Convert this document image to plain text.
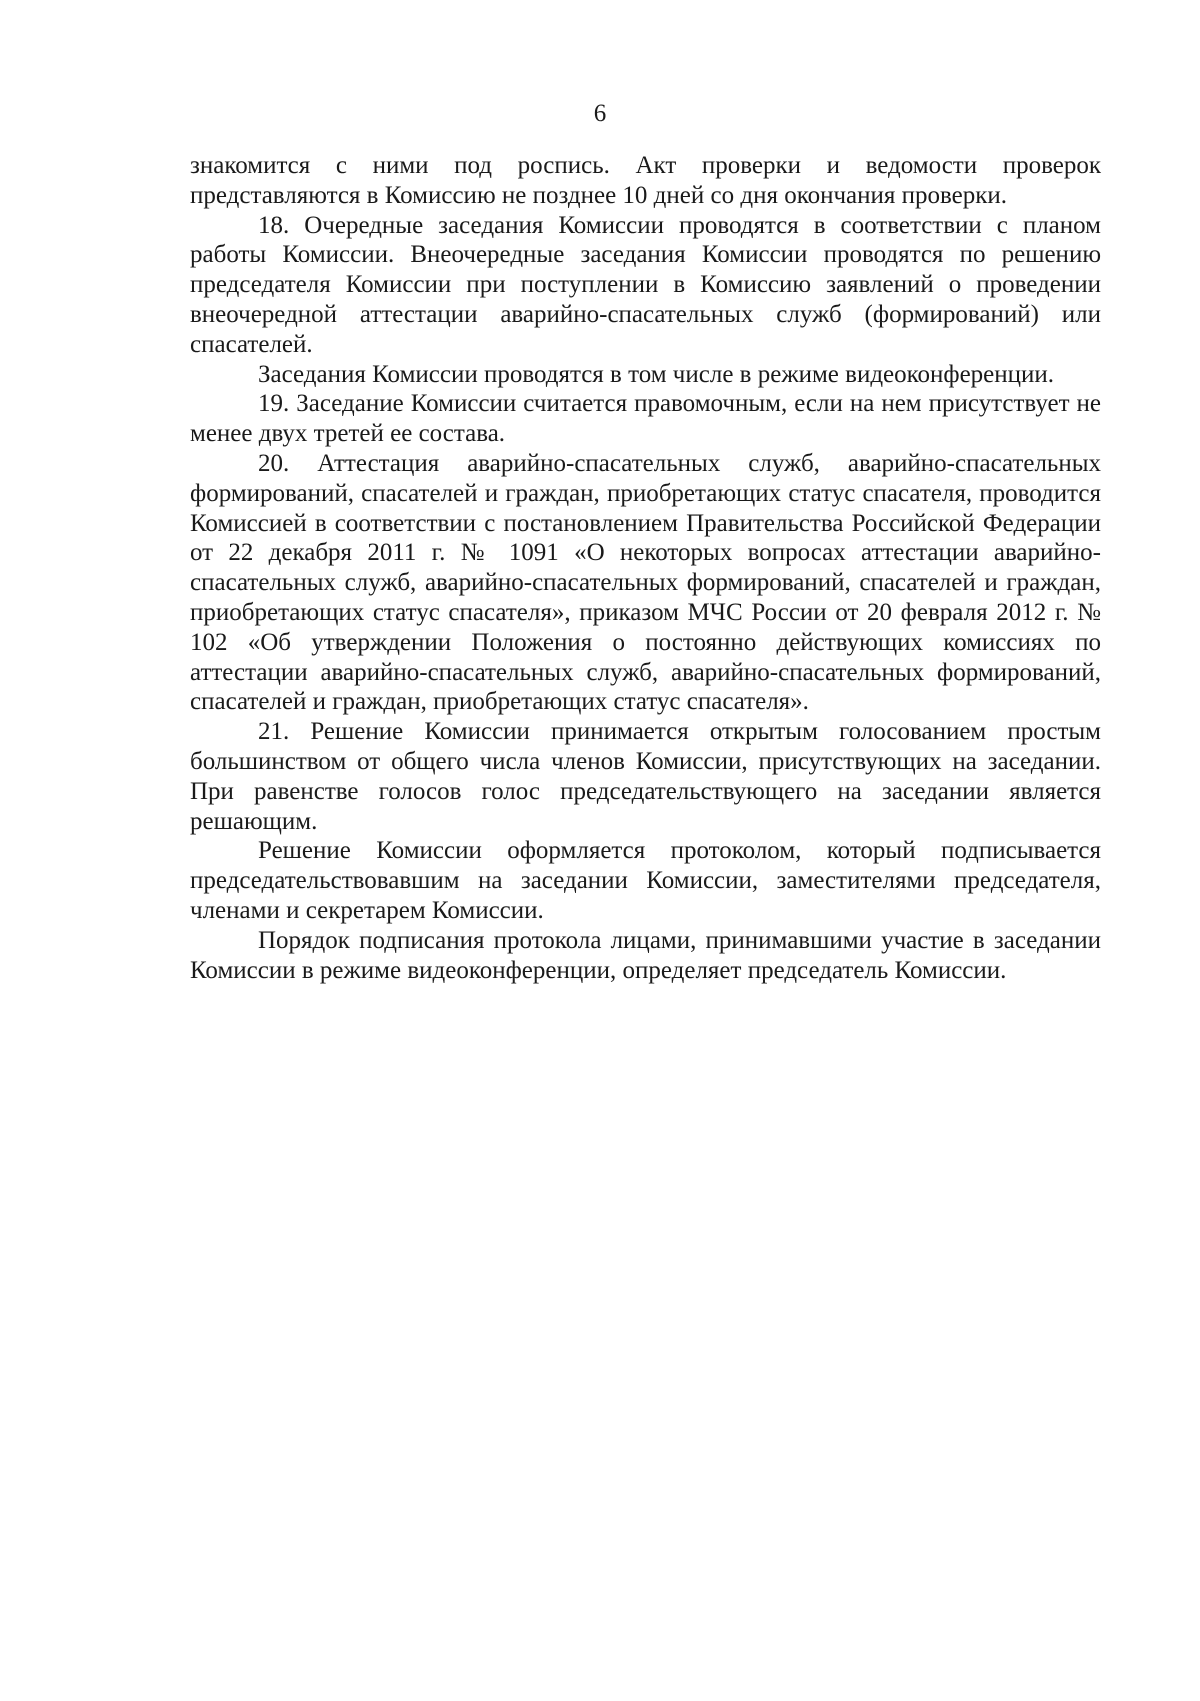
6

знакомится с ними под роспись. Акт проверки и ведомости проверок представляются в Комиссию не позднее 10 дней со дня окончания проверки.

18. Очередные заседания Комиссии проводятся в соответствии с планом работы Комиссии. Внеочередные заседания Комиссии проводятся по решению председателя Комиссии при поступлении в Комиссию заявлений о проведении внеочередной аттестации аварийно-спасательных служб (формирований) или спасателей.

Заседания Комиссии проводятся в том числе в режиме видеоконференции.

19. Заседание Комиссии считается правомочным, если на нем присутствует не менее двух третей ее состава.

20. Аттестация аварийно-спасательных служб, аварийно-спасательных формирований, спасателей и граждан, приобретающих статус спасателя, проводится Комиссией в соответствии с постановлением Правительства Российской Федерации от 22 декабря 2011 г. № 1091 «О некоторых вопросах аттестации аварийно-спасательных служб, аварийно-спасательных формирований, спасателей и граждан, приобретающих статус спасателя», приказом МЧС России от 20 февраля 2012 г. № 102 «Об утверждении Положения о постоянно действующих комиссиях по аттестации аварийно-спасательных служб, аварийно-спасательных формирований, спасателей и граждан, приобретающих статус спасателя».

21. Решение Комиссии принимается открытым голосованием простым большинством от общего числа членов Комиссии, присутствующих на заседании. При равенстве голосов голос председательствующего на заседании является решающим.

Решение Комиссии оформляется протоколом, который подписывается председательствовавшим на заседании Комиссии, заместителями председателя, членами и секретарем Комиссии.

Порядок подписания протокола лицами, принимавшими участие в заседании Комиссии в режиме видеоконференции, определяет председатель Комиссии.
